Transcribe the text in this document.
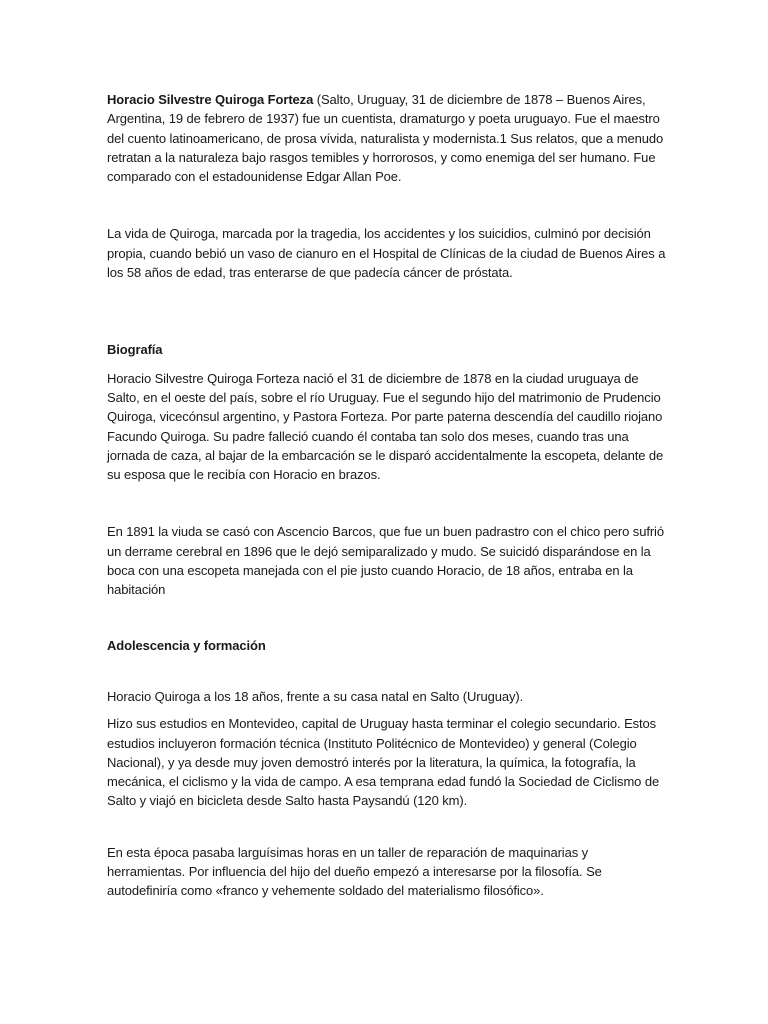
Horacio Silvestre Quiroga Forteza (Salto, Uruguay, 31 de diciembre de 1878 – Buenos Aires, Argentina, 19 de febrero de 1937) fue un cuentista, dramaturgo y poeta uruguayo. Fue el maestro del cuento latinoamericano, de prosa vívida, naturalista y modernista.1 Sus relatos, que a menudo retratan a la naturaleza bajo rasgos temibles y horrorosos, y como enemiga del ser humano. Fue comparado con el estadounidense Edgar Allan Poe.

La vida de Quiroga, marcada por la tragedia, los accidentes y los suicidios, culminó por decisión propia, cuando bebió un vaso de cianuro en el Hospital de Clínicas de la ciudad de Buenos Aires a los 58 años de edad, tras enterarse de que padecía cáncer de próstata.

Biografía

Horacio Silvestre Quiroga Forteza nació el 31 de diciembre de 1878 en la ciudad uruguaya de Salto, en el oeste del país, sobre el río Uruguay. Fue el segundo hijo del matrimonio de Prudencio Quiroga, vicecónsul argentino, y Pastora Forteza. Por parte paterna descendía del caudillo riojano Facundo Quiroga. Su padre falleció cuando él contaba tan solo dos meses, cuando tras una jornada de caza, al bajar de la embarcación se le disparó accidentalmente la escopeta, delante de su esposa que le recibía con Horacio en brazos.

En 1891 la viuda se casó con Ascencio Barcos, que fue un buen padrastro con el chico pero sufrió un derrame cerebral en 1896 que le dejó semiparalizado y mudo. Se suicidó disparándose en la boca con una escopeta manejada con el pie justo cuando Horacio, de 18 años, entraba en la habitación

Adolescencia y formación

Horacio Quiroga a los 18 años, frente a su casa natal en Salto (Uruguay).

Hizo sus estudios en Montevideo, capital de Uruguay hasta terminar el colegio secundario. Estos estudios incluyeron formación técnica (Instituto Politécnico de Montevideo) y general (Colegio Nacional), y ya desde muy joven demostró interés por la literatura, la química, la fotografía, la mecánica, el ciclismo y la vida de campo. A esa temprana edad fundó la Sociedad de Ciclismo de Salto y viajó en bicicleta desde Salto hasta Paysandú (120 km).

En esta época pasaba larguísimas horas en un taller de reparación de maquinarias y herramientas. Por influencia del hijo del dueño empezó a interesarse por la filosofía. Se autodefiniría como «franco y vehemente soldado del materialismo filosófico».
